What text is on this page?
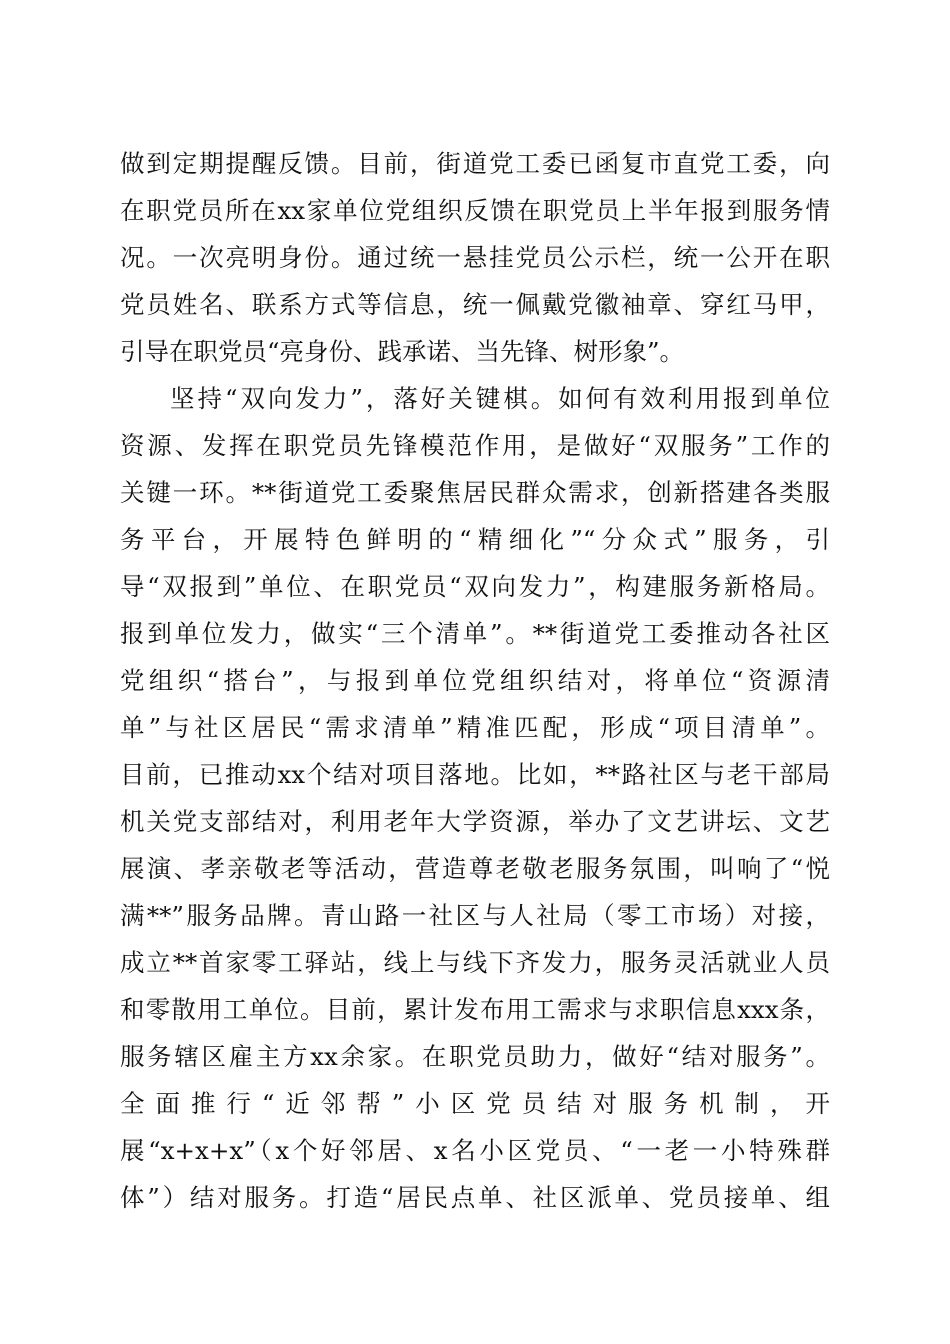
做到定期提醒反馈。目前，街道党工委已函复市直党工委，向
在职党员所在xx家单位党组织反馈在职党员上半年报到服务情
况。一次亮明身份。通过统一悬挂党员公示栏，统一公开在职
党员姓名、联系方式等信息，统一佩戴党徽袖章、穿红马甲，
引导在职党员“亮身份、践承诺、当先锋、树形象”。
坚持“双向发力”，落好关键棋。如何有效利用报到单位
资源、发挥在职党员先锋模范作用，是做好“双服务”工作的
关键一环。**街道党工委聚焦居民群众需求，创新搭建各类服
务平台，开展特色鲜明的“精细化”“分众式”服务，引
导“双报到”单位、在职党员“双向发力”，构建服务新格局。
报到单位发力，做实“三个清单”。**街道党工委推动各社区
党组织“搭台”，与报到单位党组织结对，将单位“资源清
单”与社区居民“需求清单”精准匹配，形成“项目清单”。
目前，已推动xx个结对项目落地。比如，**路社区与老干部局
机关党支部结对，利用老年大学资源，举办了文艺讲坛、文艺
展演、孝亲敬老等活动，营造尊老敬老服务氛围，叫响了“悦
满**”服务品牌。青山路一社区与人社局（零工市场）对接，
成立**首家零工驿站，线上与线下齐发力，服务灵活就业人员
和零散用工单位。目前，累计发布用工需求与求职信息xxx条，
服务辖区雇主方xx余家。在职党员助力，做好“结对服务”。
全面推行“近邻帮”小区党员结对服务机制，开
展“x+x+x”（x个好邻居、x名小区党员、“一老一小特殊群
体”）结对服务。打造“居民点单、社区派单、党员接单、组
